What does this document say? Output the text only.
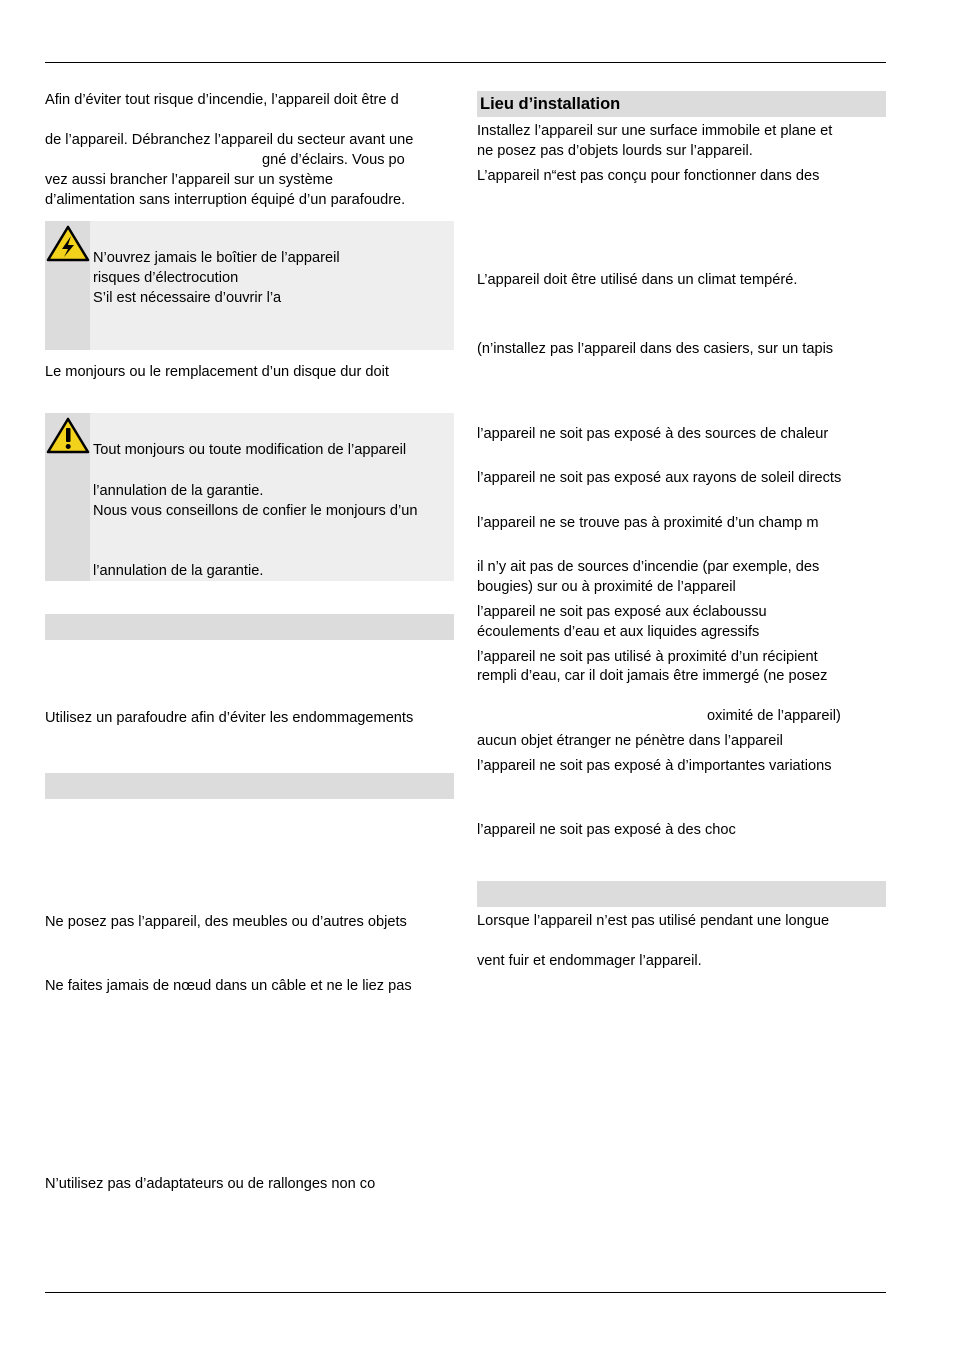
Afin d’éviter tout risque d’incendie, l’appareil doit être d
de l’appareil. Débranchez l’appareil du secteur avant une
gné d’éclairs. Vous po
vez aussi brancher l’appareil sur un système
d’alimentation sans interruption équipé d’un parafoudre.
N’ouvrez jamais le boîtier de l’appareil
risques d’électrocution
S’il est nécessaire d’ouvrir l’a
Le monjours ou le remplacement d’un disque dur doit
Tout monjours ou toute modification de l’appareil
l’annulation de la garantie.
Nous vous conseillons de confier le monjours d’un
l’annulation de la garantie.
Utilisez un parafoudre afin d’éviter les endommagements
Ne posez pas l’appareil, des meubles ou d’autres objets
Ne faites jamais de nœud dans un câble et ne le liez pas
N’utilisez pas d’adaptateurs ou de rallonges non co
Lieu d’installation
Installez l’appareil sur une surface immobile et plane et
ne posez pas d’objets lourds sur l’appareil.
L’appareil n“est pas conçu pour fonctionner dans des
L’appareil doit être utilisé dans un climat tempéré.
(n’installez pas l’appareil dans des casiers, sur un tapis
l’appareil ne soit pas exposé à des sources de chaleur
l’appareil ne soit pas exposé aux rayons de soleil directs
l’appareil ne se trouve pas à proximité d’un champ m
il n’y ait pas de sources d’incendie (par exemple, des
bougies) sur ou à proximité de l’appareil
l’appareil ne soit pas exposé aux éclaboussu
écoulements d’eau et aux liquides agressifs
l’appareil ne soit pas utilisé à proximité d’un récipient
rempli d’eau, car il doit jamais être immergé (ne posez
oximité de l’appareil)
aucun objet étranger ne pénètre dans l’appareil
l’appareil ne soit pas exposé à d’importantes variations
l’appareil ne soit pas exposé à des choc
Lorsque l’appareil n’est pas utilisé pendant une longue
vent fuir et endommager l’appareil.
